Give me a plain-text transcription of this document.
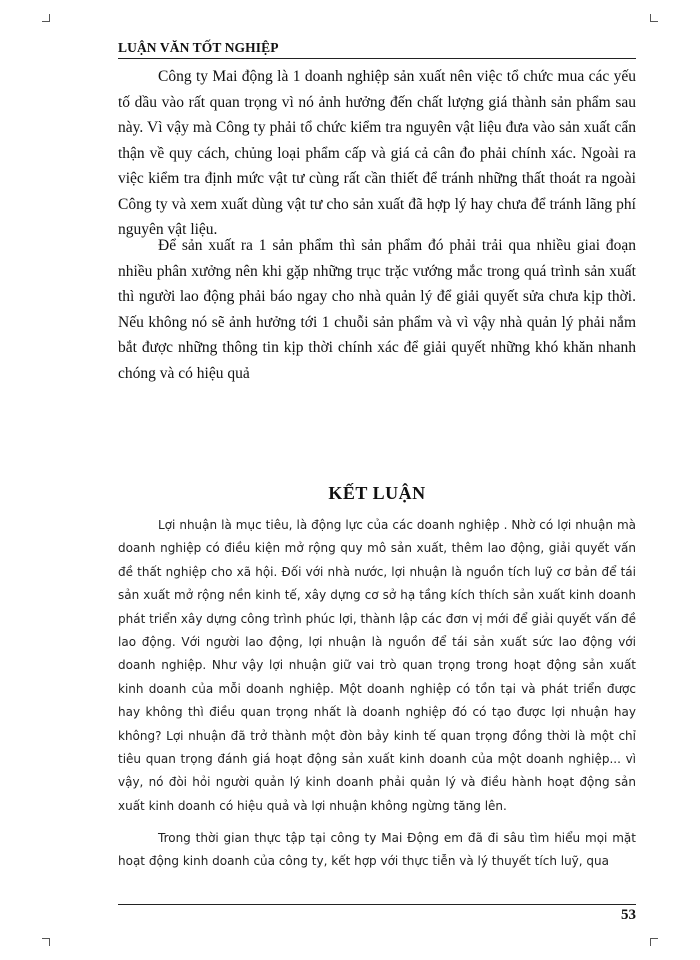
LUẬN VĂN TỐT NGHIỆP

Công ty Mai động là 1 doanh nghiệp sản xuất nên việc tổ chức mua các yếu tố dầu vào rất quan trọng vì nó ảnh hưởng đến chất lượng giá thành sản phẩm sau này. Vì vậy mà Công ty phải tổ chức kiểm tra nguyên vật liệu đưa vào sản xuất cẩn thận về quy cách, chủng loại phẩm cấp và giá cả cân đo phải chính xác. Ngoài ra việc kiểm tra định mức vật tư cùng rất cần thiết để tránh những thất thoát ra ngoài Công ty và xem xuất dùng vật tư cho sản xuất đã hợp lý hay chưa để tránh lãng phí nguyên vật liệu.

Để sản xuất ra 1 sản phẩm thì sản phẩm đó phải trải qua nhiều giai đoạn nhiều phân xưởng nên khi gặp những trục trặc vướng mắc trong quá trình sản xuất thì người lao động phải báo ngay cho nhà quản lý để giải quyết sửa chưa kịp thời. Nếu không nó sẽ ảnh hưởng tới 1 chuỗi sản phẩm và vì vậy nhà quản lý phải nắm bắt được những thông tin kịp thời chính xác để giải quyết những khó khăn nhanh chóng và có hiệu quả

KẾT LUẬN

Lợi nhuận là mục tiêu, là động lực của các doanh nghiệp . Nhờ có lợi nhuận mà doanh nghiệp có điều kiện mở rộng quy mô sản xuất, thêm lao động, giải quyết vấn đề thất nghiệp cho xã hội. Đối với nhà nước, lợi nhuận là nguồn tích luỹ cơ bản để tái sản xuất mở rộng nền kinh tế, xây dựng cơ sở hạ tầng kích thích sản xuất kinh doanh phát triển xây dựng công trình phúc lợi, thành lập các đơn vị mới để giải quyết vấn đề lao động. Với người lao động, lợi nhuận là nguồn để tái sản xuất sức lao động với doanh nghiệp. Như vậy lợi nhuận giữ vai trò quan trọng trong hoạt động sản xuất kinh doanh của mỗi doanh nghiệp. Một doanh nghiệp có tồn tại và phát triển được hay không thì điều quan trọng nhất là doanh nghiệp đó có tạo được lợi nhuận hay không? Lợi nhuận đã trở thành một đòn bảy kinh tế quan trọng đồng thời là một chỉ tiêu quan trọng đánh giá hoạt động sản xuất kinh doanh của một doanh nghiệp... vì vậy, nó đòi hỏi người quản lý kinh doanh phải quản lý và điều hành hoạt động sản xuất kinh doanh có hiệu quả và lợi nhuận không ngừng tăng lên.

Trong thời gian thực tập tại công ty Mai Động em đã đi sâu tìm hiểu mọi mặt hoạt động kinh doanh của công ty, kết hợp với thực tiễn và lý thuyết tích luỹ, qua

53
